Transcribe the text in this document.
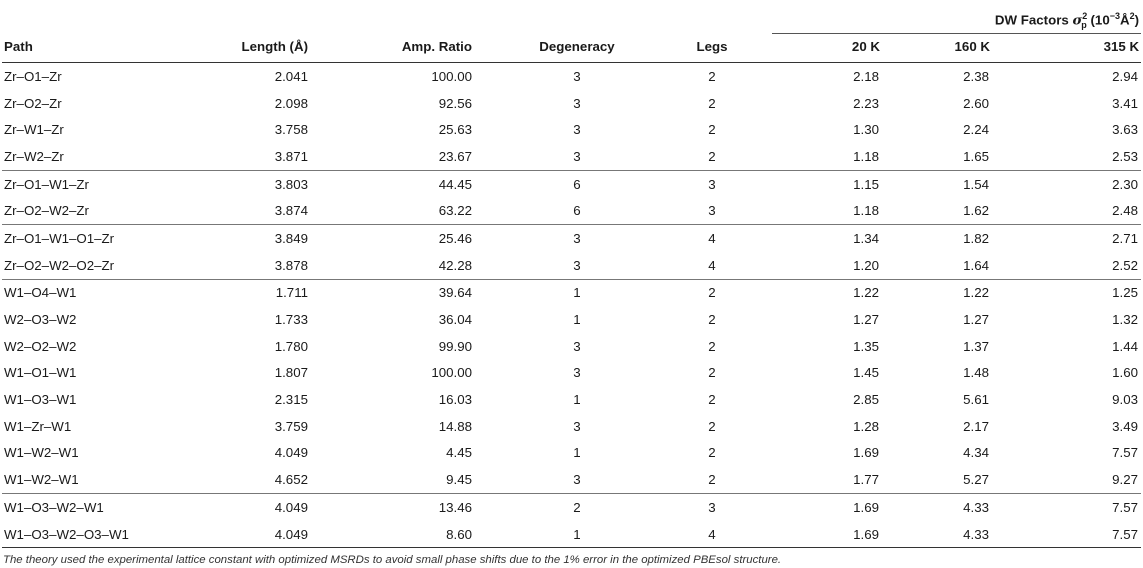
					DW Factors $\sigma^2_p$ $(10^{-3}Å^2)$		
Path	Length (Å)	Amp. Ratio	Degeneracy	Legs	20 K	160 K	315 K
Zr–O1–Zr	2.041	100.00	3	2	2.18	2.38	2.94
Zr–O2–Zr	2.098	92.56	3	2	2.23	2.60	3.41
Zr–W1–Zr	3.758	25.63	3	2	1.30	2.24	3.63
Zr–W2–Zr	3.871	23.67	3	2	1.18	1.65	2.53
Zr–O1–W1–Zr	3.803	44.45	6	3	1.15	1.54	2.30
Zr–O2–W2–Zr	3.874	63.22	6	3	1.18	1.62	2.48
Zr–O1–W1–O1–Zr	3.849	25.46	3	4	1.34	1.82	2.71
Zr–O2–W2–O2–Zr	3.878	42.28	3	4	1.20	1.64	2.52
W1–O4–W1	1.711	39.64	1	2	1.22	1.22	1.25
W2–O3–W2	1.733	36.04	1	2	1.27	1.27	1.32
W2–O2–W2	1.780	99.90	3	2	1.35	1.37	1.44
W1–O1–W1	1.807	100.00	3	2	1.45	1.48	1.60
W1–O3–W1	2.315	16.03	1	2	2.85	5.61	9.03
W1–Zr–W1	3.759	14.88	3	2	1.28	2.17	3.49
W1–W2–W1	4.049	4.45	1	2	1.69	4.34	7.57
W1–W2–W1	4.652	9.45	3	2	1.77	5.27	9.27
W1–O3–W2–W1	4.049	13.46	2	3	1.69	4.33	7.57
W1–O3–W2–O3–W1	4.049	8.60	1	4	1.69	4.33	7.57

The theory used the experimental lattice constant with optimized MSRDs to avoid small phase shifts due to the 1% error in the optimized PBEsol structure.
